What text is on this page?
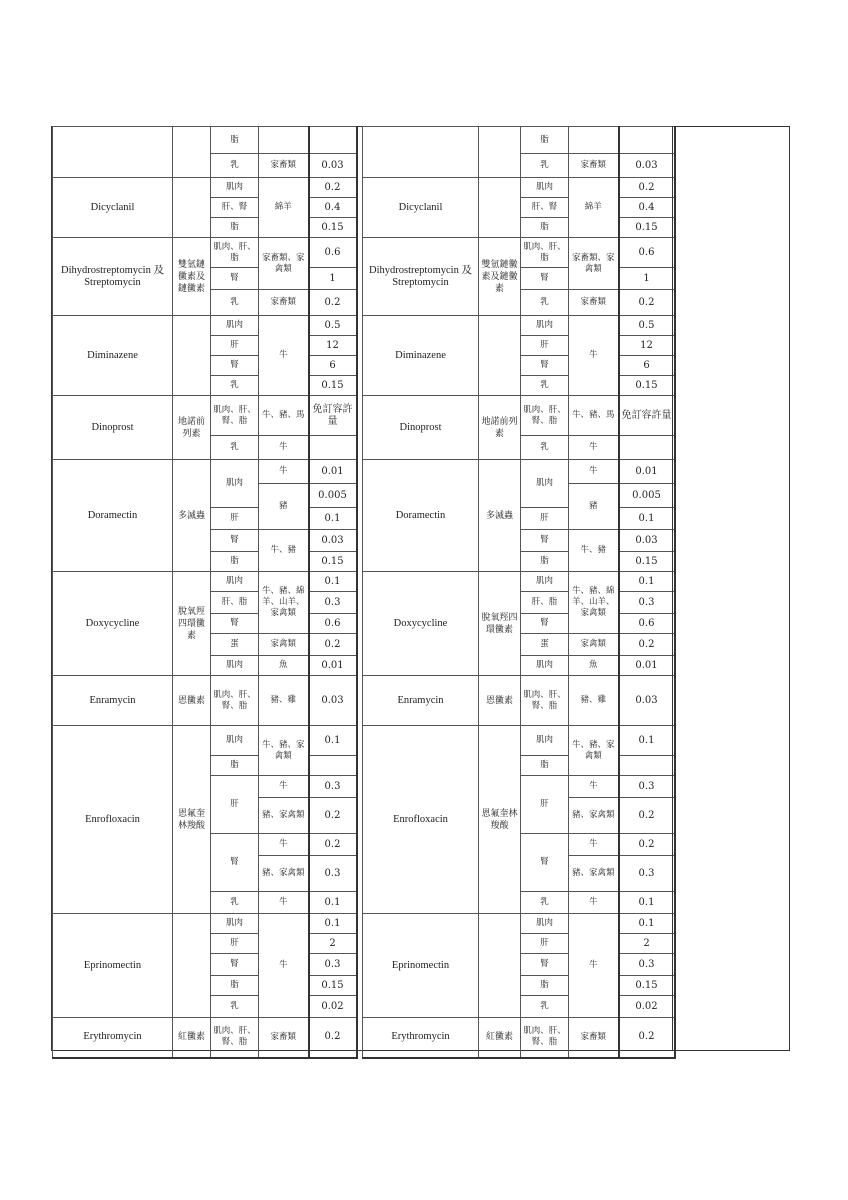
		脂		
		乳	家畜類	0.03
Dicyclanil		肌肉	綿羊	0.2
		肝、腎		0.4
		脂		0.15
Dihydrostreptomycin 及 Streptomycin	雙氫鏈黴素及鏈黴素	肌肉、肝、脂	家畜類、家禽類	0.6
		腎		1
		乳	家畜類	0.2
Diminazene		肌肉	牛	0.5
		肝		12
		腎		6
		乳		0.15
Dinoprost	地諾前列素	肌肉、肝、腎、脂	牛、豬、馬	免訂容許量
		乳	牛	
Doramectin	多滅蟲	肌肉	牛	0.01
			豬	0.005
		肝		0.1
		腎	牛、豬	0.03
		脂		0.15
Doxycycline	脫氧羥四環黴素	肌肉	牛、豬、綿羊、山羊、家禽類	0.1
		肝、脂		0.3
		腎		0.6
		蛋	家禽類	0.2
		肌肉	魚	0.01
Enramycin	恩黴素	肌肉、肝、腎、脂	豬、雞	0.03
Enrofloxacin	恩氟奎林羧酸	肌肉	牛、豬、家禽類	0.1
		脂		
		肝	牛	0.3
			豬、家禽類	0.2
		腎	牛	0.2
			豬、家禽類	0.3
		乳	牛	0.1
Eprinomectin		肌肉	牛	0.1
		肝		2
		腎		0.3
		脂		0.15
		乳		0.02
Erythromycin	紅黴素	肌肉、肝、腎、脂	家畜類	0.2
		脂		
		乳	家畜類	0.03
Dicyclanil		肌肉	綿羊	0.2
		肝、腎		0.4
		脂		0.15
Dihydrostreptomycin 及 Streptomycin	雙氫鏈黴素及鏈黴素	肌肉、肝、脂	家畜類、家禽類	0.6
		腎		1
		乳	家畜類	0.2
Diminazene		肌肉	牛	0.5
		肝		12
		腎		6
		乳		0.15
Dinoprost	地諾前列素	肌肉、肝、腎、脂	牛、豬、馬	免訂容許量
		乳	牛	
Doramectin	多滅蟲	肌肉	牛	0.01
			豬	0.005
		肝		0.1
		腎	牛、豬	0.03
		脂		0.15
Doxycycline	脫氧羥四環黴素	肌肉	牛、豬、綿羊、山羊、家禽類	0.1
		肝、脂		0.3
		腎		0.6
		蛋	家禽類	0.2
		肌肉	魚	0.01
Enramycin	恩黴素	肌肉、肝、腎、脂	豬、雞	0.03
Enrofloxacin	恩氟奎林羧酸	肌肉	牛、豬、家禽類	0.1
		脂		
		肝	牛	0.3
			豬、家禽類	0.2
		腎	牛	0.2
			豬、家禽類	0.3
		乳	牛	0.1
Eprinomectin		肌肉	牛	0.1
		肝		2
		腎		0.3
		脂		0.15
		乳		0.02
Erythromycin	紅黴素	肌肉、肝、腎、脂	家畜類	0.2
